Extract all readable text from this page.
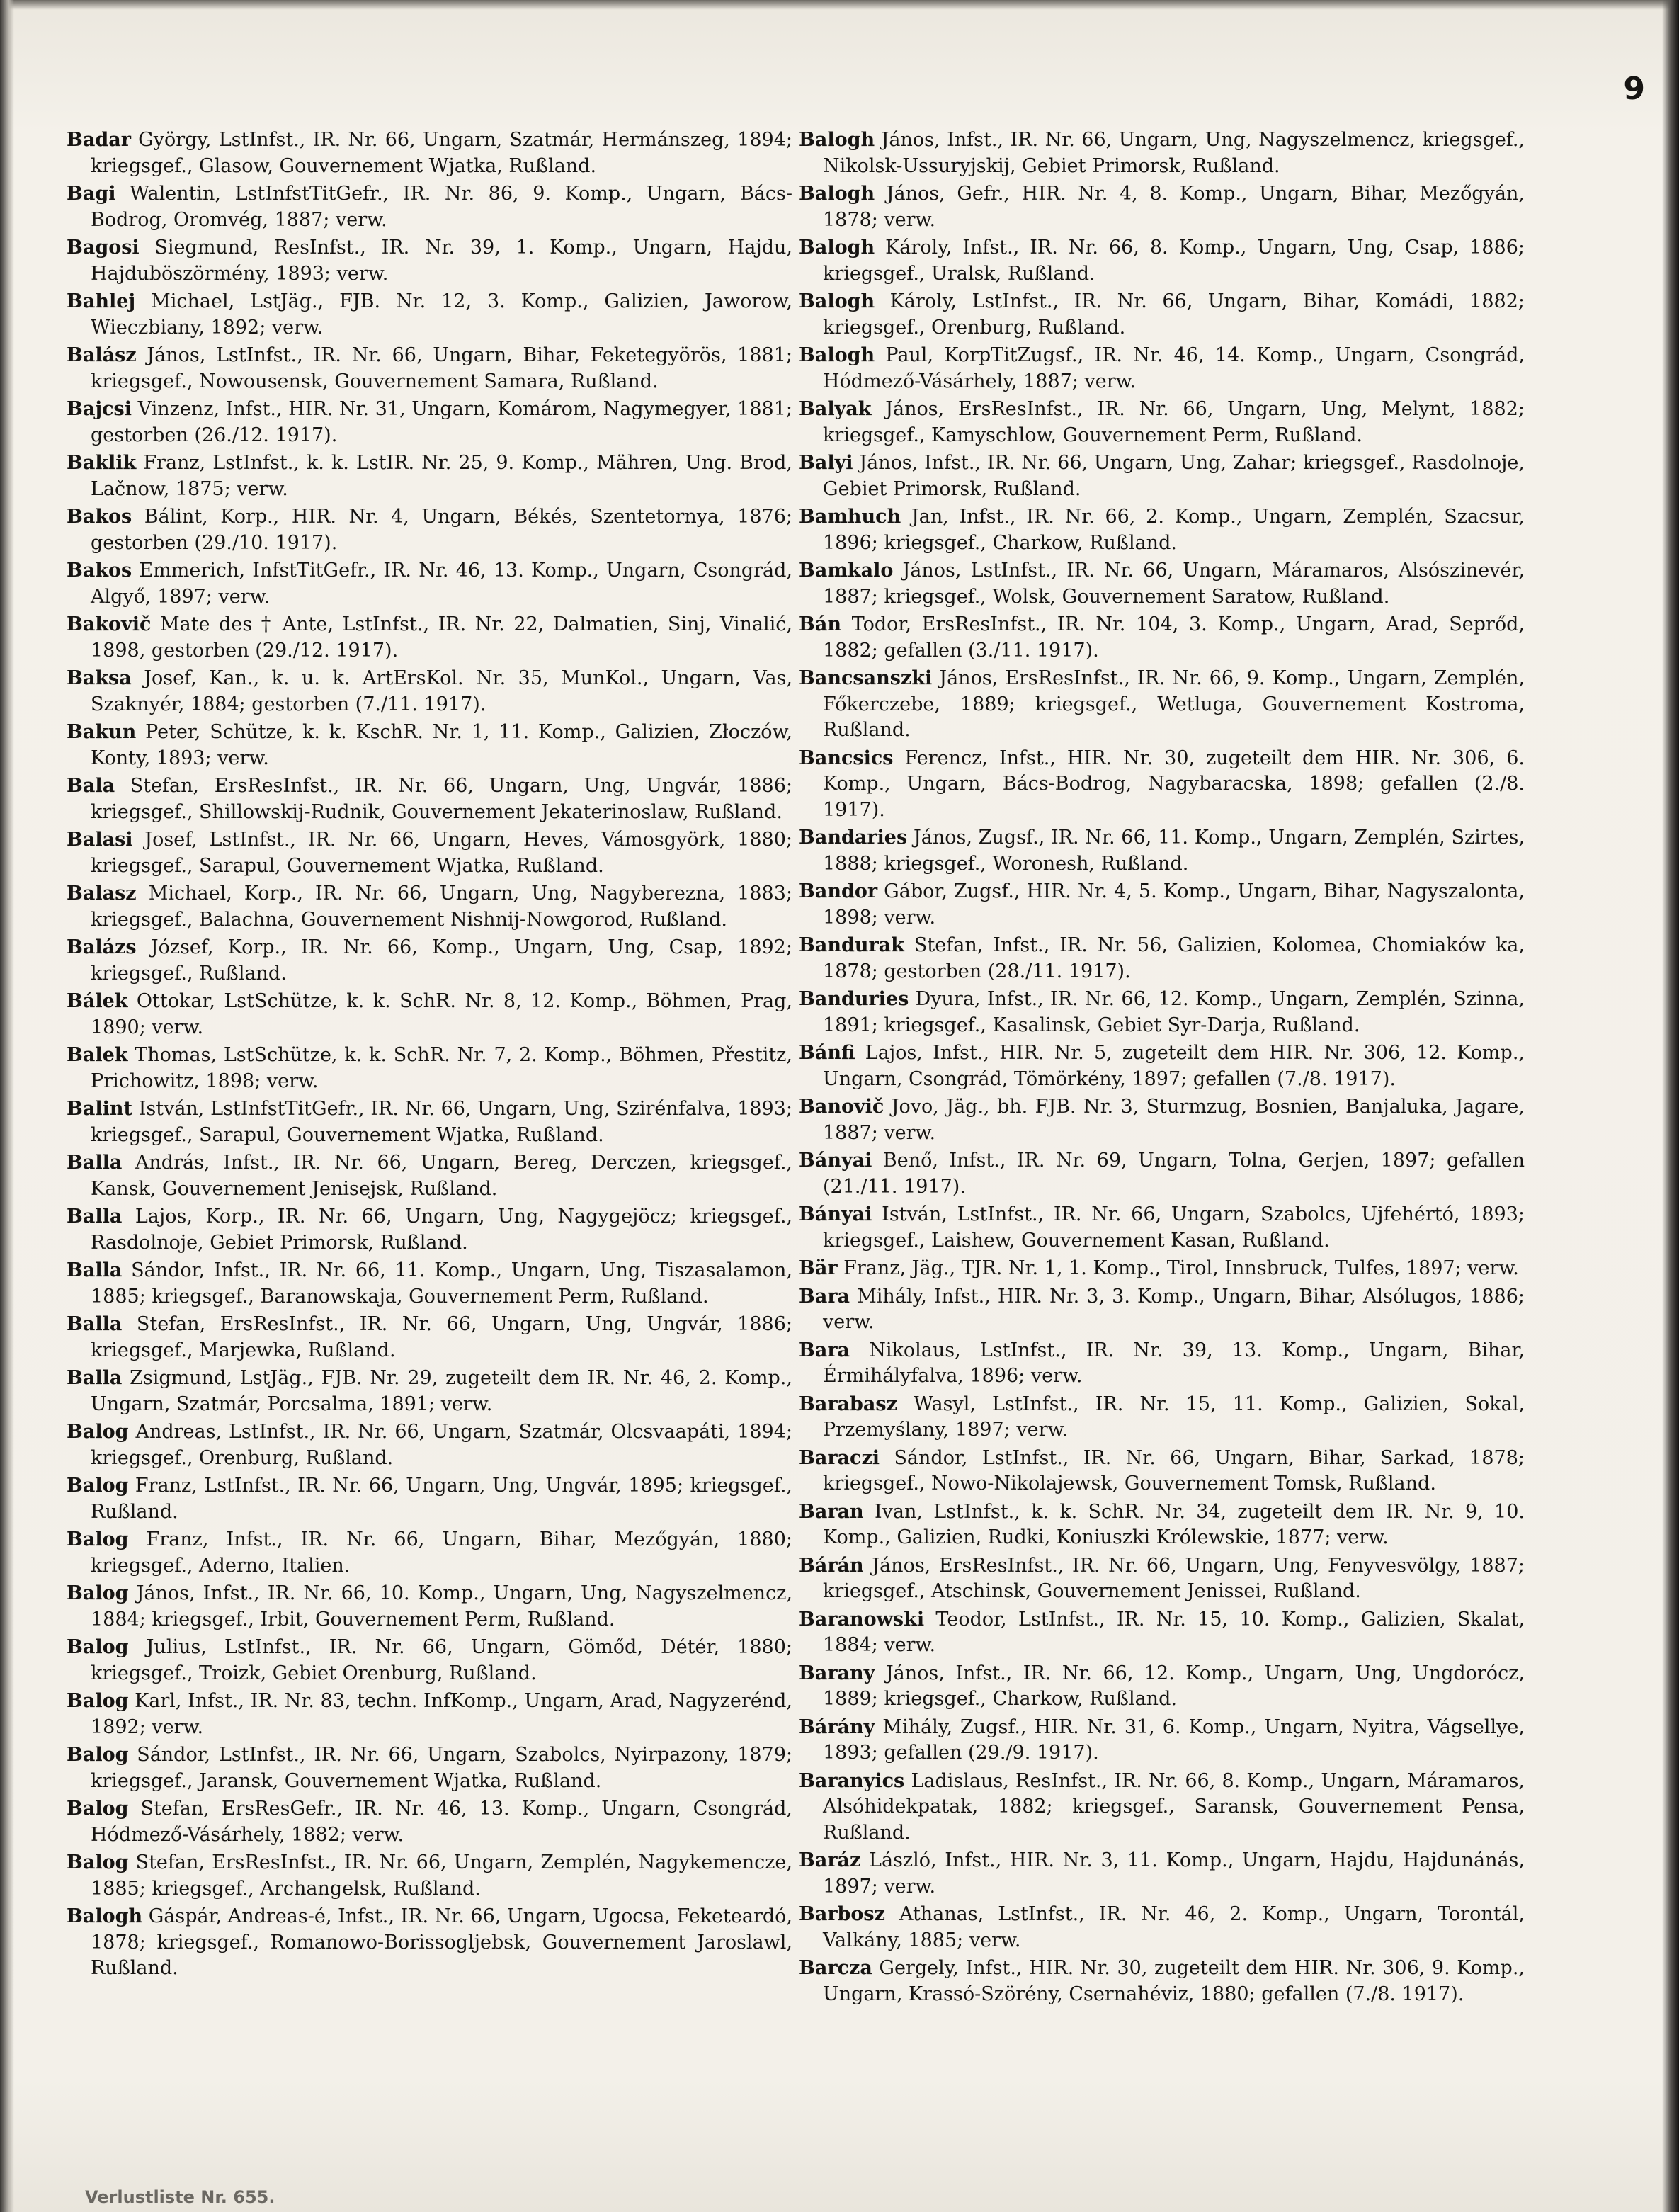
9

Badar György, LstInfst., IR. Nr. 66, Ungarn, Szatmár, Hermánszeg, 1894; kriegsgef., Glasow, Gouvernement Wjatka, Rußland.

Bagi Walentin, LstInfstTitGefr., IR. Nr. 86, 9. Komp., Ungarn, Bács-Bodrog, Oromvég, 1887; verw.

Bagosi Siegmund, ResInfst., IR. Nr. 39, 1. Komp., Ungarn, Hajdu, Hajduböszörmény, 1893; verw.

Bahlej Michael, LstJäg., FJB. Nr. 12, 3. Komp., Galizien, Jaworow, Wieczbiany, 1892; verw.

Balász János, LstInfst., IR. Nr. 66, Ungarn, Bihar, Feketegyörös, 1881; kriegsgef., Nowousensk, Gouvernement Samara, Rußland.

Bajcsi Vinzenz, Infst., HIR. Nr. 31, Ungarn, Komárom, Nagymegyer, 1881; gestorben (26./12. 1917).

Baklik Franz, LstInfst., k. k. LstIR. Nr. 25, 9. Komp., Mähren, Ung. Brod, Lačnow, 1875; verw.

Bakos Bálint, Korp., HIR. Nr. 4, Ungarn, Békés, Szentetornya, 1876; gestorben (29./10. 1917).

Bakos Emmerich, InfstTitGefr., IR. Nr. 46, 13. Komp., Ungarn, Csongrád, Algyő, 1897; verw.

Bakovič Mate des † Ante, LstInfst., IR. Nr. 22, Dalmatien, Sinj, Vinalić, 1898, gestorben (29./12. 1917).

Baksa Josef, Kan., k. u. k. ArtErsKol. Nr. 35, MunKol., Ungarn, Vas, Szaknyér, 1884; gestorben (7./11. 1917).

Bakun Peter, Schütze, k. k. KschR. Nr. 1, 11. Komp., Galizien, Złoczów, Konty, 1893; verw.

Bala Stefan, ErsResInfst., IR. Nr. 66, Ungarn, Ung, Ungvár, 1886; kriegsgef., Shillowskij-Rudnik, Gouvernement Jekaterinoslaw, Rußland.

Balasi Josef, LstInfst., IR. Nr. 66, Ungarn, Heves, Vámosgyörk, 1880; kriegsgef., Sarapul, Gouvernement Wjatka, Rußland.

Balasz Michael, Korp., IR. Nr. 66, Ungarn, Ung, Nagyberezna, 1883; kriegsgef., Balachna, Gouvernement Nishnij-Nowgorod, Rußland.

Balázs József, Korp., IR. Nr. 66, Komp., Ungarn, Ung, Csap, 1892; kriegsgef., Rußland.

Bálek Ottokar, LstSchütze, k. k. SchR. Nr. 8, 12. Komp., Böhmen, Prag, 1890; verw.

Balek Thomas, LstSchütze, k. k. SchR. Nr. 7, 2. Komp., Böhmen, Přestitz, Prichowitz, 1898; verw.

Balint István, LstInfstTitGefr., IR. Nr. 66, Ungarn, Ung, Szirénfalva, 1893; kriegsgef., Sarapul, Gouvernement Wjatka, Rußland.

Balla András, Infst., IR. Nr. 66, Ungarn, Bereg, Derczen, kriegsgef., Kansk, Gouvernement Jenisejsk, Rußland.

Balla Lajos, Korp., IR. Nr. 66, Ungarn, Ung, Nagygejöcz; kriegsgef., Rasdolnoje, Gebiet Primorsk, Rußland.

Balla Sándor, Infst., IR. Nr. 66, 11. Komp., Ungarn, Ung, Tiszasalamon, 1885; kriegsgef., Baranowskaja, Gouvernement Perm, Rußland.

Balla Stefan, ErsResInfst., IR. Nr. 66, Ungarn, Ung, Ungvár, 1886; kriegsgef., Marjewka, Rußland.

Balla Zsigmund, LstJäg., FJB. Nr. 29, zugeteilt dem IR. Nr. 46, 2. Komp., Ungarn, Szatmár, Porcsalma, 1891; verw.

Balog Andreas, LstInfst., IR. Nr. 66, Ungarn, Szatmár, Olcsvaapáti, 1894; kriegsgef., Orenburg, Rußland.

Balog Franz, LstInfst., IR. Nr. 66, Ungarn, Ung, Ungvár, 1895; kriegsgef., Rußland.

Balog Franz, Infst., IR. Nr. 66, Ungarn, Bihar, Mezőgyán, 1880; kriegsgef., Aderno, Italien.

Balog János, Infst., IR. Nr. 66, 10. Komp., Ungarn, Ung, Nagyszelmencz, 1884; kriegsgef., Irbit, Gouvernement Perm, Rußland.

Balog Julius, LstInfst., IR. Nr. 66, Ungarn, Gömőd, Détér, 1880; kriegsgef., Troizk, Gebiet Orenburg, Rußland.

Balog Karl, Infst., IR. Nr. 83, techn. InfKomp., Ungarn, Arad, Nagyzerénd, 1892; verw.

Balog Sándor, LstInfst., IR. Nr. 66, Ungarn, Szabolcs, Nyirpazony, 1879; kriegsgef., Jaransk, Gouvernement Wjatka, Rußland.

Balog Stefan, ErsResGefr., IR. Nr. 46, 13. Komp., Ungarn, Csongrád, Hódmező-Vásárhely, 1882; verw.

Balog Stefan, ErsResInfst., IR. Nr. 66, Ungarn, Zemplén, Nagykemencze, 1885; kriegsgef., Archangelsk, Rußland.

Balogh Gáspár, Andreas-é, Infst., IR. Nr. 66, Ungarn, Ugocsa, Feketeardó, 1878; kriegsgef., Romanowo-Borissoglјebsk, Gouvernement Jaroslawl, Rußland.

Balogh János, Infst., IR. Nr. 66, Ungarn, Ung, Nagyszelmencz, kriegsgef., Nikolsk-Ussuryjskij, Gebiet Primorsk, Rußland.

Balogh János, Gefr., HIR. Nr. 4, 8. Komp., Ungarn, Bihar, Mezőgyán, 1878; verw.

Balogh Károly, Infst., IR. Nr. 66, 8. Komp., Ungarn, Ung, Csap, 1886; kriegsgef., Uralsk, Rußland.

Balogh Károly, LstInfst., IR. Nr. 66, Ungarn, Bihar, Komádi, 1882; kriegsgef., Orenburg, Rußland.

Balogh Paul, KorpTitZugsf., IR. Nr. 46, 14. Komp., Ungarn, Csongrád, Hódmező-Vásárhely, 1887; verw.

Balyak János, ErsResInfst., IR. Nr. 66, Ungarn, Ung, Melynt, 1882; kriegsgef., Kamyschlow, Gouvernement Perm, Rußland.

Balyi János, Infst., IR. Nr. 66, Ungarn, Ung, Zahar; kriegsgef., Rasdolnoje, Gebiet Primorsk, Rußland.

Bamhuch Jan, Infst., IR. Nr. 66, 2. Komp., Ungarn, Zemplén, Szacsur, 1896; kriegsgef., Charkow, Rußland.

Bamkalo János, LstInfst., IR. Nr. 66, Ungarn, Máramaros, Alsószinevér, 1887; kriegsgef., Wolsk, Gouvernement Saratow, Rußland.

Bán Todor, ErsResInfst., IR. Nr. 104, 3. Komp., Ungarn, Arad, Seprőd, 1882; gefallen (3./11. 1917).

Bancsanszki János, ErsResInfst., IR. Nr. 66, 9. Komp., Ungarn, Zemplén, Főkerczebe, 1889; kriegsgef., Wetluga, Gouvernement Kostroma, Rußland.

Bancsics Ferencz, Infst., HIR. Nr. 30, zugeteilt dem HIR. Nr. 306, 6. Komp., Ungarn, Bács-Bodrog, Nagybaracska, 1898; gefallen (2./8. 1917).

Bandaries János, Zugsf., IR. Nr. 66, 11. Komp., Ungarn, Zemplén, Szirtes, 1888; kriegsgef., Woronesh, Rußland.

Bandor Gábor, Zugsf., HIR. Nr. 4, 5. Komp., Ungarn, Bihar, Nagyszalonta, 1898; verw.

Bandurak Stefan, Infst., IR. Nr. 56, Galizien, Kolomea, Chomiaków ka, 1878; gestorben (28./11. 1917).

Banduries Dyura, Infst., IR. Nr. 66, 12. Komp., Ungarn, Zemplén, Szinna, 1891; kriegsgef., Kasalinsk, Gebiet Syr-Darja, Rußland.

Bánfi Lajos, Infst., HIR. Nr. 5, zugeteilt dem HIR. Nr. 306, 12. Komp., Ungarn, Csongrád, Tömörkény, 1897; gefallen (7./8. 1917).

Banovič Jovo, Jäg., bh. FJB. Nr. 3, Sturmzug, Bosnien, Banjaluka, Jagare, 1887; verw.

Bányai Benő, Infst., IR. Nr. 69, Ungarn, Tolna, Gerjen, 1897; gefallen (21./11. 1917).

Bányai István, LstInfst., IR. Nr. 66, Ungarn, Szabolcs, Ujfehértó, 1893; kriegsgef., Laishew, Gouvernement Kasan, Rußland.

Bär Franz, Jäg., TJR. Nr. 1, 1. Komp., Tirol, Innsbruck, Tulfes, 1897; verw.

Bara Mihály, Infst., HIR. Nr. 3, 3. Komp., Ungarn, Bihar, Alsólugos, 1886; verw.

Bara Nikolaus, LstInfst., IR. Nr. 39, 13. Komp., Ungarn, Bihar, Érmihályfalva, 1896; verw.

Barabasz Wasyl, LstInfst., IR. Nr. 15, 11. Komp., Galizien, Sokal, Przemyślany, 1897; verw.

Baraczi Sándor, LstInfst., IR. Nr. 66, Ungarn, Bihar, Sarkad, 1878; kriegsgef., Nowo-Nikolajewsk, Gouvernement Tomsk, Rußland.

Baran Ivan, LstInfst., k. k. SchR. Nr. 34, zugeteilt dem IR. Nr. 9, 10. Komp., Galizien, Rudki, Koniuszki Królewskie, 1877; verw.

Bárán János, ErsResInfst., IR. Nr. 66, Ungarn, Ung, Fenyvesvölgy, 1887; kriegsgef., Atschinsk, Gouvernement Jenissei, Rußland.

Baranowski Teodor, LstInfst., IR. Nr. 15, 10. Komp., Galizien, Skalat, 1884; verw.

Barany János, Infst., IR. Nr. 66, 12. Komp., Ungarn, Ung, Ungdorócz, 1889; kriegsgef., Charkow, Rußland.

Bárány Mihály, Zugsf., HIR. Nr. 31, 6. Komp., Ungarn, Nyitra, Vágsellye, 1893; gefallen (29./9. 1917).

Baranyics Ladislaus, ResInfst., IR. Nr. 66, 8. Komp., Ungarn, Máramaros, Alsóhidekpatak, 1882; kriegsgef., Saransk, Gouvernement Pensa, Rußland.

Baráz László, Infst., HIR. Nr. 3, 11. Komp., Ungarn, Hajdu, Hajdunánás, 1897; verw.

Barbosz Athanas, LstInfst., IR. Nr. 46, 2. Komp., Ungarn, Torontál, Valkány, 1885; verw.

Barcza Gergely, Infst., HIR. Nr. 30, zugeteilt dem HIR. Nr. 306, 9. Komp., Ungarn, Krassó-Szörény, Csernahéviz, 1880; gefallen (7./8. 1917).

Verlustliste Nr. 655.
